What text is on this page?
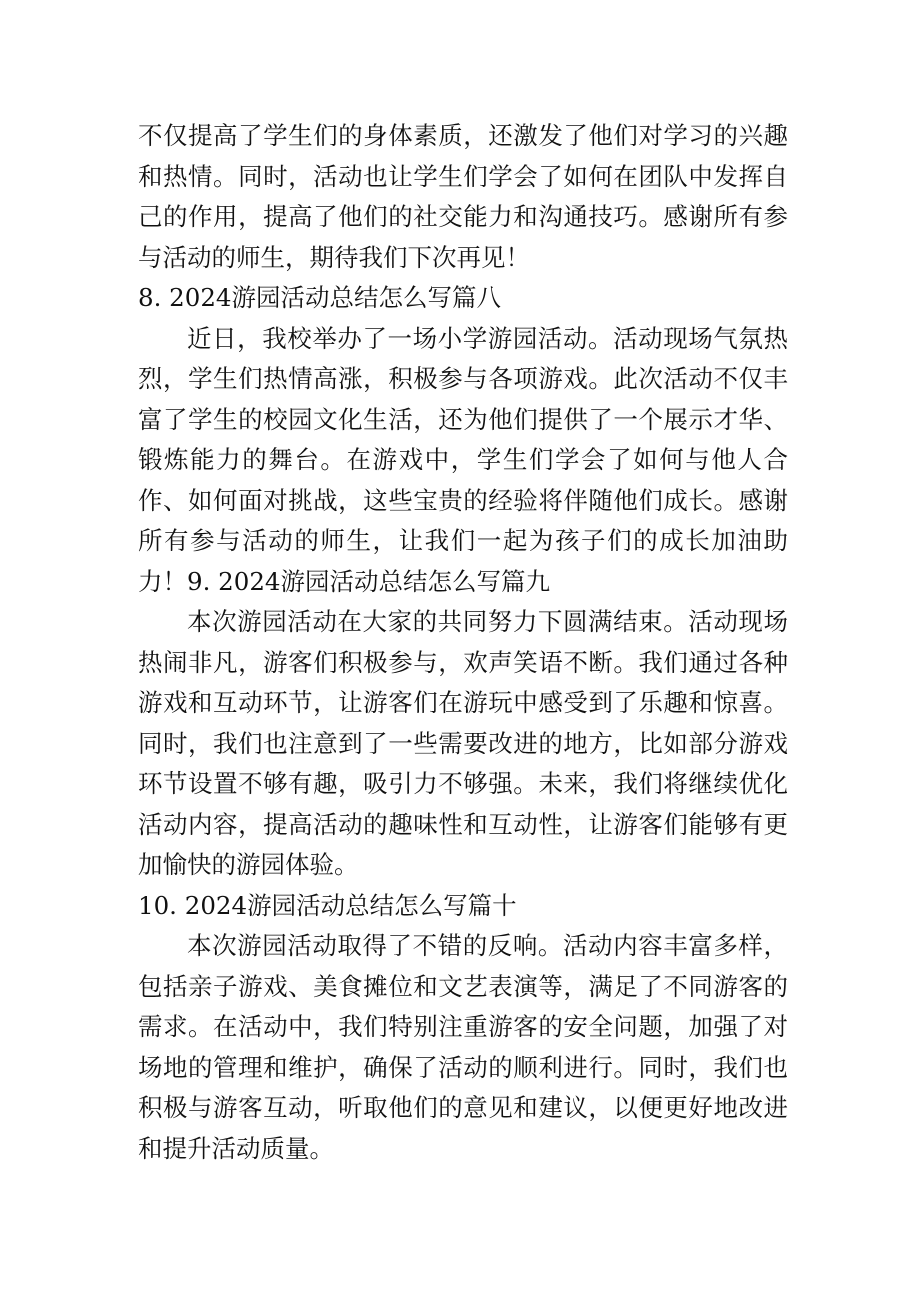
不仅提高了学生们的身体素质，还激发了他们对学习的兴趣和热情。同时，活动也让学生们学会了如何在团队中发挥自己的作用，提高了他们的社交能力和沟通技巧。感谢所有参与活动的师生，期待我们下次再见！

8. 2024游园活动总结怎么写篇八

近日，我校举办了一场小学游园活动。活动现场气氛热烈，学生们热情高涨，积极参与各项游戏。此次活动不仅丰富了学生的校园文化生活，还为他们提供了一个展示才华、锻炼能力的舞台。在游戏中，学生们学会了如何与他人合作、如何面对挑战，这些宝贵的经验将伴随他们成长。感谢所有参与活动的师生，让我们一起为孩子们的成长加油助力！9. 2024游园活动总结怎么写篇九

本次游园活动在大家的共同努力下圆满结束。活动现场热闹非凡，游客们积极参与，欢声笑语不断。我们通过各种游戏和互动环节，让游客们在游玩中感受到了乐趣和惊喜。同时，我们也注意到了一些需要改进的地方，比如部分游戏环节设置不够有趣，吸引力不够强。未来，我们将继续优化活动内容，提高活动的趣味性和互动性，让游客们能够有更加愉快的游园体验。

10. 2024游园活动总结怎么写篇十

本次游园活动取得了不错的反响。活动内容丰富多样，包括亲子游戏、美食摊位和文艺表演等，满足了不同游客的需求。在活动中，我们特别注重游客的安全问题，加强了对场地的管理和维护，确保了活动的顺利进行。同时，我们也积极与游客互动，听取他们的意见和建议，以便更好地改进和提升活动质量。
